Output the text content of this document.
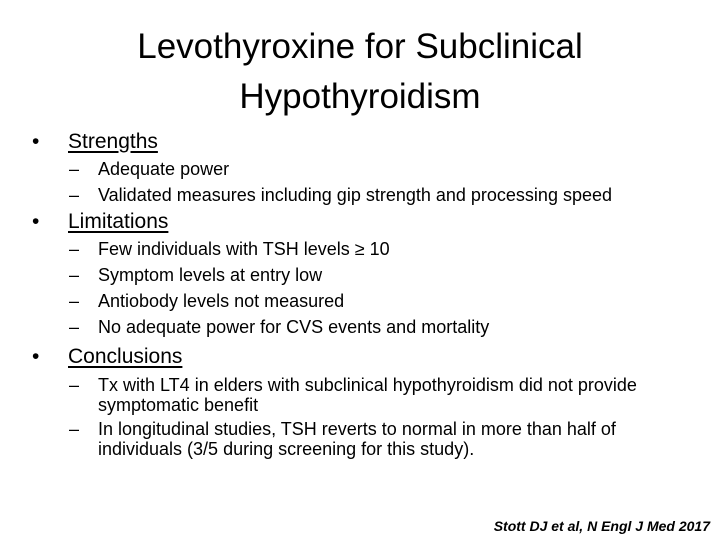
Levothyroxine for Subclinical
Hypothyroidism
•	Strengths
–	Adequate power
–	Validated measures including gip strength and processing speed
•	Limitations
–	Few individuals with TSH levels ≥ 10
–	Symptom levels at entry low
–	Antiobody levels not measured
–	No adequate power for CVS events and mortality
•	Conclusions
–	Tx with LT4 in elders with subclinical hypothyroidism did not provide symptomatic benefit
–	In longitudinal studies, TSH reverts to normal in more than half of individuals (3/5 during screening for this study).
Stott DJ et al, N Engl J Med 2017
